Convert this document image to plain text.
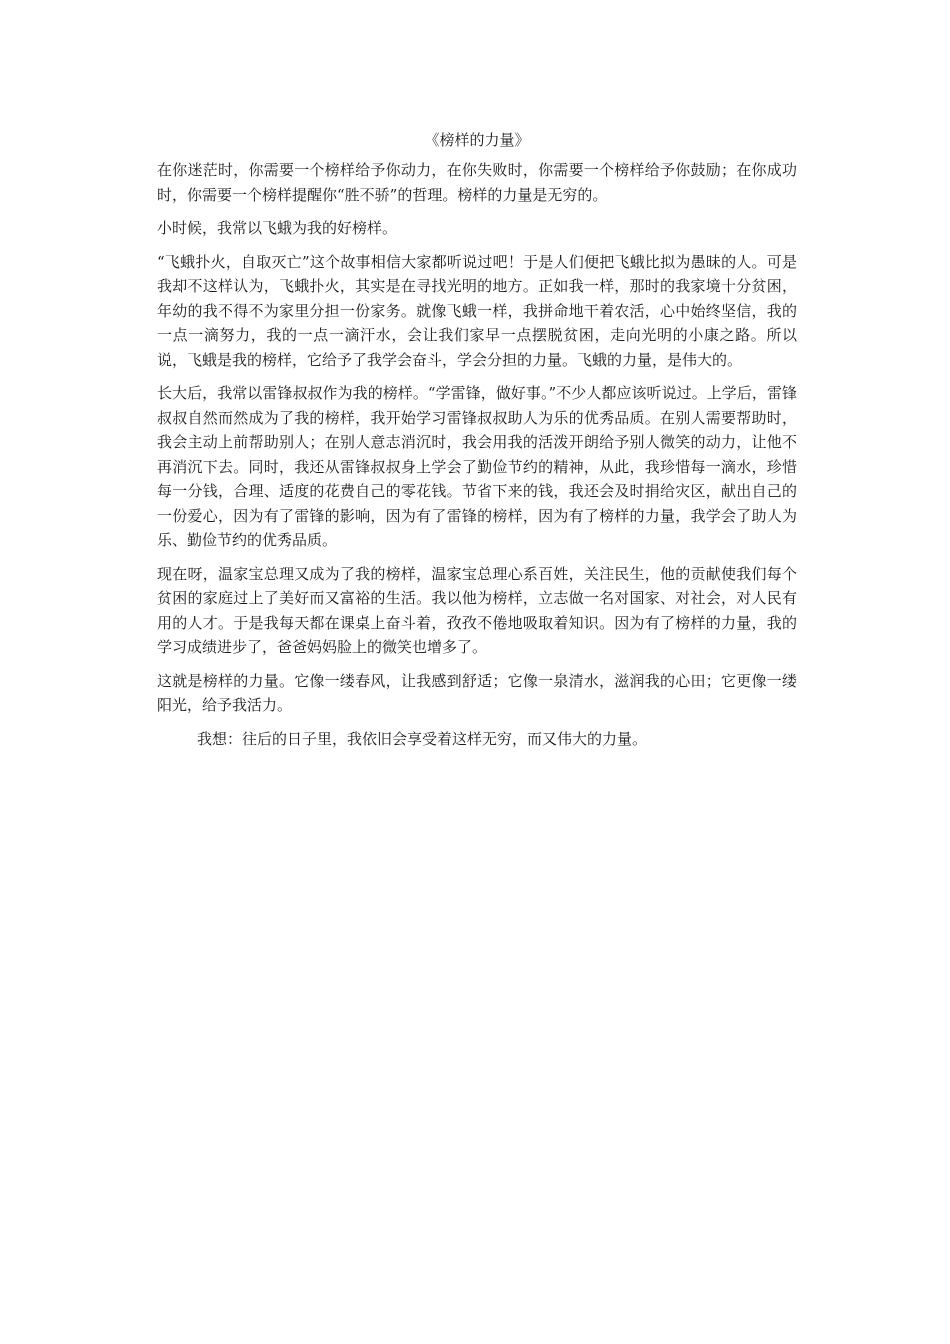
《榜样的力量》

在你迷茫时，你需要一个榜样给予你动力，在你失败时，你需要一个榜样给予你鼓励；在你成功时，你需要一个榜样提醒你“胜不骄”的哲理。榜样的力量是无穷的。

小时候，我常以飞蛾为我的好榜样。

“飞蛾扑火，自取灭亡”这个故事相信大家都听说过吧！于是人们便把飞蛾比拟为愚昧的人。可是我却不这样认为，飞蛾扑火，其实是在寻找光明的地方。正如我一样，那时的我家境十分贫困，年幼的我不得不为家里分担一份家务。就像飞蛾一样，我拼命地干着农活，心中始终坚信，我的一点一滴努力，我的一点一滴汗水，会让我们家早一点摆脱贫困，走向光明的小康之路。所以说，飞蛾是我的榜样，它给予了我学会奋斗，学会分担的力量。飞蛾的力量，是伟大的。

长大后，我常以雷锋叔叔作为我的榜样。“学雷锋，做好事。”不少人都应该听说过。上学后，雷锋叔叔自然而然成为了我的榜样，我开始学习雷锋叔叔助人为乐的优秀品质。在别人需要帮助时，我会主动上前帮助别人；在别人意志消沉时，我会用我的活泼开朗给予别人微笑的动力，让他不再消沉下去。同时，我还从雷锋叔叔身上学会了勤俭节约的精神，从此，我珍惜每一滴水，珍惜每一分钱，合理、适度的花费自己的零花钱。节省下来的钱，我还会及时捐给灾区，献出自己的一份爱心，因为有了雷锋的影响，因为有了雷锋的榜样，因为有了榜样的力量，我学会了助人为乐、勤俭节约的优秀品质。

现在呀，温家宝总理又成为了我的榜样，温家宝总理心系百姓，关注民生，他的贡献使我们每个贫困的家庭过上了美好而又富裕的生活。我以他为榜样，立志做一名对国家、对社会，对人民有用的人才。于是我每天都在课桌上奋斗着，孜孜不倦地吸取着知识。因为有了榜样的力量，我的学习成绩进步了，爸爸妈妈脸上的微笑也增多了。

这就是榜样的力量。它像一缕春风，让我感到舒适；它像一泉清水，滋润我的心田；它更像一缕阳光，给予我活力。

我想：往后的日子里，我依旧会享受着这样无穷，而又伟大的力量。
